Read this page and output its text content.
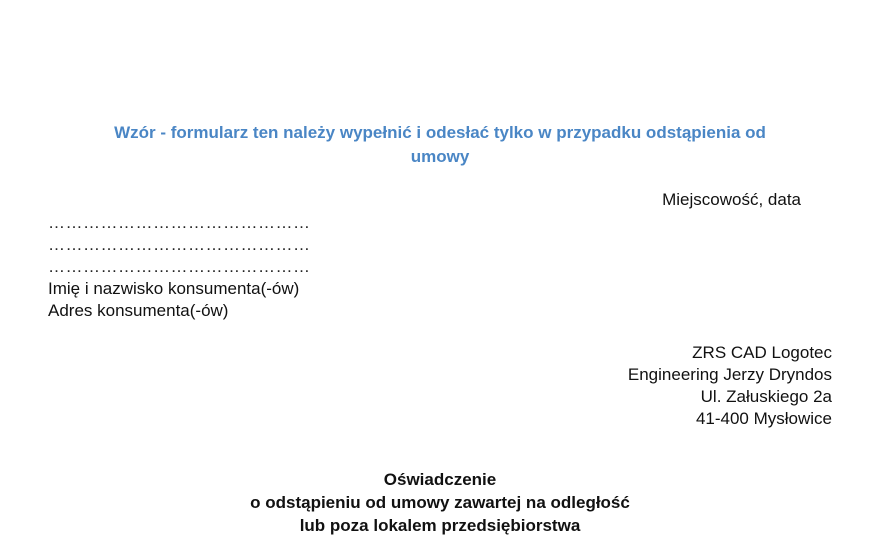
Wzór - formularz ten należy wypełnić i odesłać tylko w przypadku odstąpienia od
umowy
Miejscowość, data
………………………………………
………………………………………
………………………………………
Imię i nazwisko konsumenta(-ów)
Adres konsumenta(-ów)
ZRS CAD Logotec
Engineering Jerzy Dryndos
Ul. Załuskiego 2a
41-400 Mysłowice
Oświadczenie
o odstąpieniu od umowy zawartej na odległość
lub poza lokalem przedsiębiorstwa
